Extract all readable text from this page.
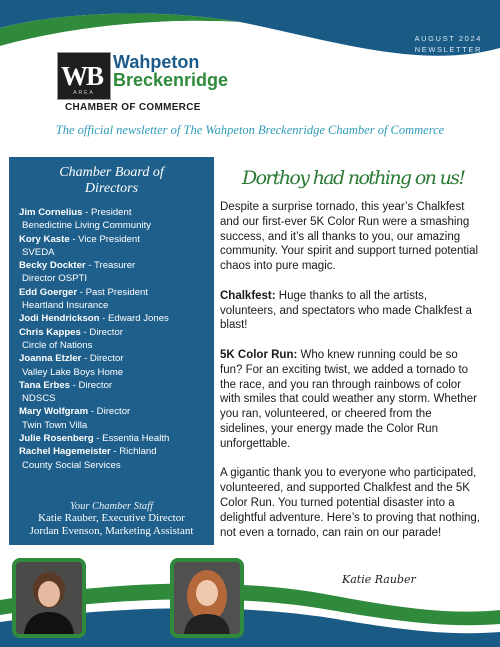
AUGUST 2024
NEWSLETTER
WB
AREA
Wahpeton
Breckenridge
CHAMBER OF COMMERCE
The official newsletter of The Wahpeton Breckenridge Chamber of Commerce
Chamber Board of Directors
Jim Cornelius - President
Benedictine Living Community
Kory Kaste - Vice President
SVEDA
Becky Dockter - Treasurer
Director OSPTI
Edd Goerger - Past President
Heartland Insurance
Jodi Hendrickson - Edward Jones
Chris Kappes - Director
Circle of Nations
Joanna Etzler - Director
Valley Lake Boys Home
Tana Erbes - Director
NDSCS
Mary Wolfgram - Director
Twin Town Villa
Julie Rosenberg - Essentia Health
Rachel Hagemeister - Richland
County Social Services
Your Chamber Staff
Katie Rauber, Executive Director
Jordan Evenson, Marketing Assistant
Dorthoy had nothing on us!

Despite a surprise tornado, this year’s Chalkfest and our first-ever 5K Color Run were a smashing success, and it’s all thanks to you, our amazing community. Your spirit and support turned potential chaos into pure magic.

Chalkfest: Huge thanks to all the artists, volunteers, and spectators who made Chalkfest a blast!

5K Color Run: Who knew running could be so fun? For an exciting twist, we added a tornado to the race, and you ran through rainbows of color with smiles that could weather any storm. Whether you ran, volunteered, or cheered from the sidelines, your energy made the Color Run unforgettable.

A gigantic thank you to everyone who participated, volunteered, and supported Chalkfest and the 5K Color Run. You turned potential disaster into a delightful adventure. Here’s to proving that nothing, not even a tornado, can rain on our parade!

Katie Rauber
